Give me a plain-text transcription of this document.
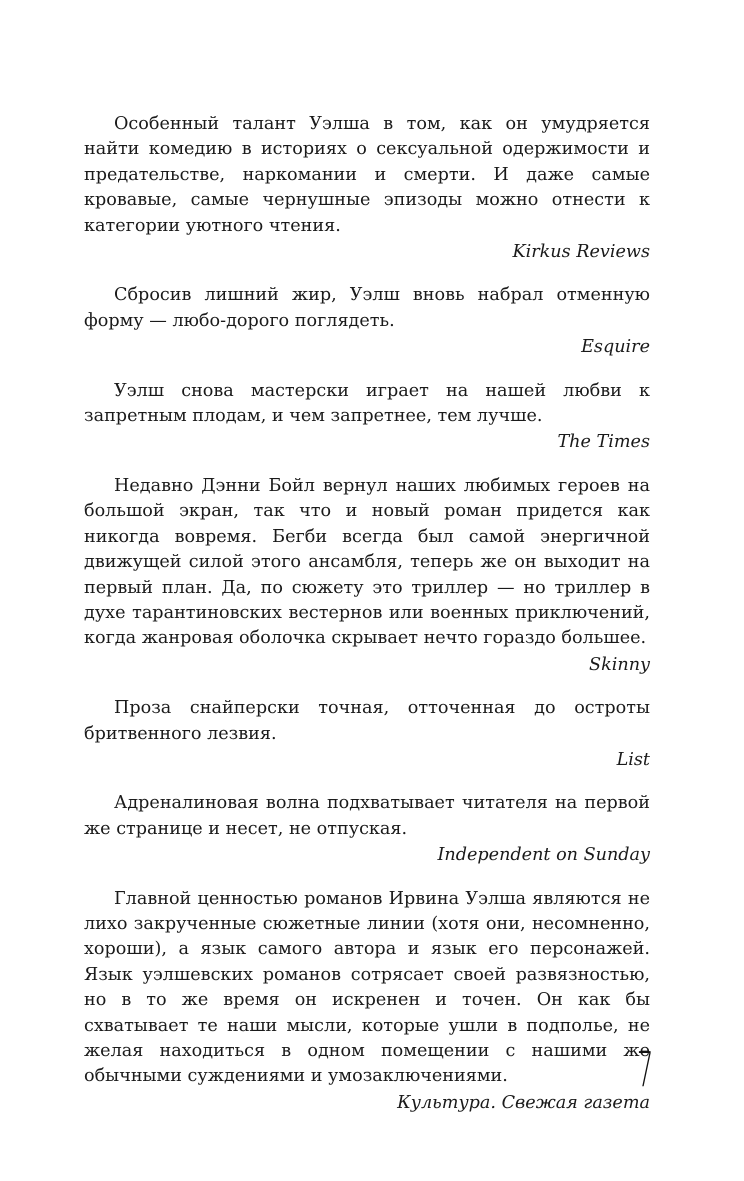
Особенный талант Уэлша в том, как он умудряется найти комедию в историях о сексуальной одержимости и предательстве, наркомании и смерти. И даже самые кровавые, самые чернушные эпизоды можно отнести к категории уютного чтения.

Kirkus Reviews

Сбросив лишний жир, Уэлш вновь набрал отменную форму — любо-дорого поглядеть.

Esquire

Уэлш снова мастерски играет на нашей любви к запретным плодам, и чем запретнее, тем лучше.

The Times

Недавно Дэнни Бойл вернул наших любимых героев на большой экран, так что и новый роман придется как никогда вовремя. Бегби всегда был самой энергичной движущей силой этого ансамбля, теперь же он выходит на первый план. Да, по сюжету это триллер — но триллер в духе тарантиновских вестернов или военных приключений, когда жанровая оболочка скрывает нечто гораздо большее.

Skinny

Проза снайперски точная, отточенная до остроты бритвенного лезвия.

List

Адреналиновая волна подхватывает читателя на первой же странице и несет, не отпуская.

Independent on Sunday

Главной ценностью романов Ирвина Уэлша являются не лихо закрученные сюжетные линии (хотя они, несомненно, хороши), а язык самого автора и язык его персонажей. Язык уэлшевских романов сотрясает своей развязностью, но в то же время он искренен и точен. Он как бы схватывает те наши мысли, которые ушли в подполье, не желая находиться в одном помещении с нашими же обычными суждениями и умозаключениями.

Культура. Свежая газета
7
